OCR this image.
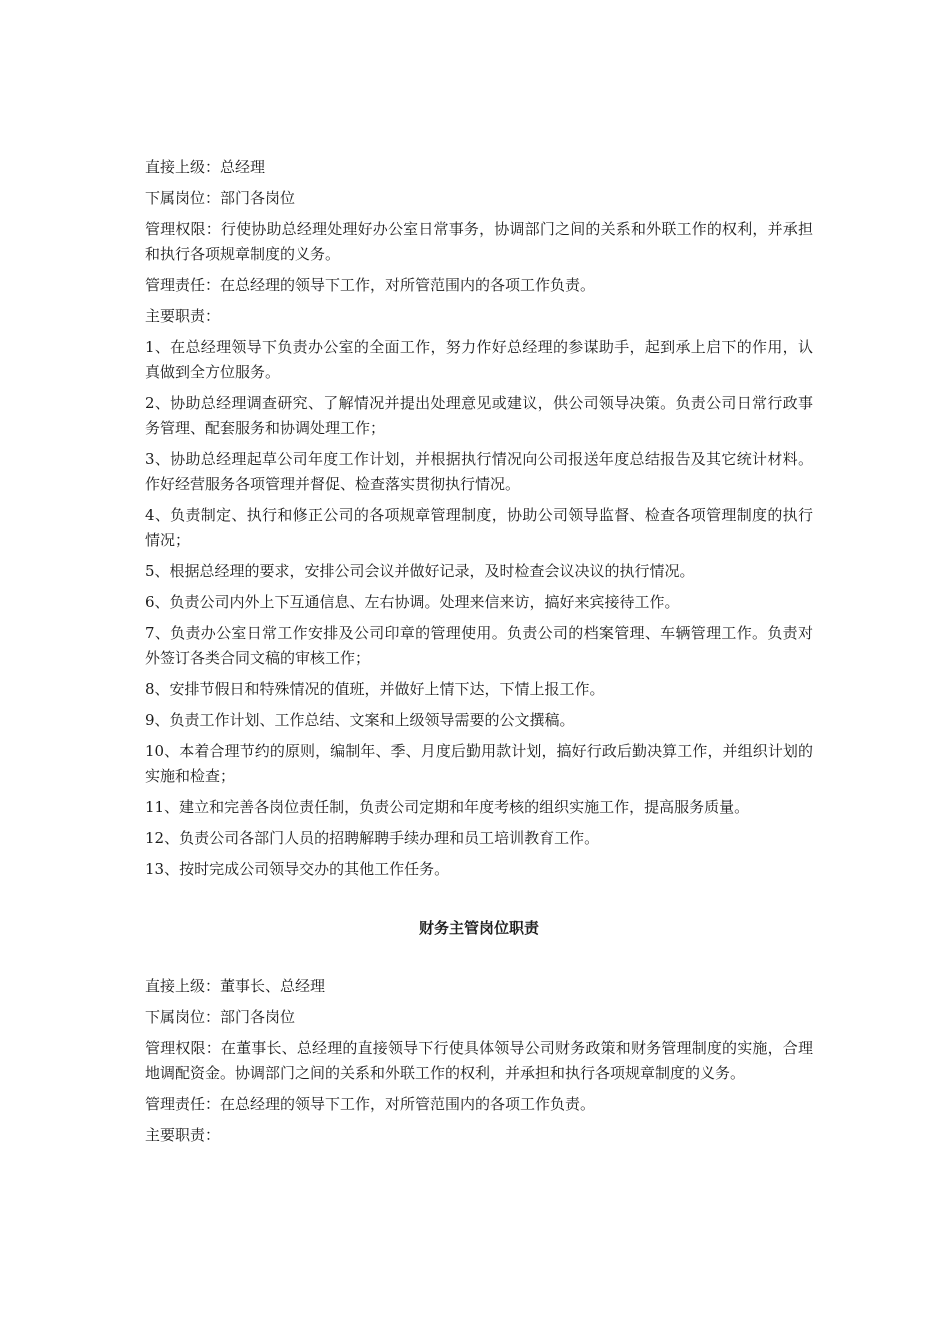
直接上级：总经理

下属岗位：部门各岗位

管理权限：行使协助总经理处理好办公室日常事务，协调部门之间的关系和外联工作的权利，并承担和执行各项规章制度的义务。

管理责任：在总经理的领导下工作，对所管范围内的各项工作负责。

主要职责：

1、在总经理领导下负责办公室的全面工作，努力作好总经理的参谋助手，起到承上启下的作用，认真做到全方位服务。

2、协助总经理调查研究、了解情况并提出处理意见或建议，供公司领导决策。负责公司日常行政事务管理、配套服务和协调处理工作；

3、协助总经理起草公司年度工作计划，并根据执行情况向公司报送年度总结报告及其它统计材料。作好经营服务各项管理并督促、检查落实贯彻执行情况。

4、负责制定、执行和修正公司的各项规章管理制度，协助公司领导监督、检查各项管理制度的执行情况；

5、根据总经理的要求，安排公司会议并做好记录，及时检查会议决议的执行情况。

6、负责公司内外上下互通信息、左右协调。处理来信来访，搞好来宾接待工作。

7、负责办公室日常工作安排及公司印章的管理使用。负责公司的档案管理、车辆管理工作。负责对外签订各类合同文稿的审核工作；

8、安排节假日和特殊情况的值班，并做好上情下达，下情上报工作。

9、负责工作计划、工作总结、文案和上级领导需要的公文撰稿。

10、本着合理节约的原则，编制年、季、月度后勤用款计划，搞好行政后勤决算工作，并组织计划的实施和检查；

11、建立和完善各岗位责任制，负责公司定期和年度考核的组织实施工作，提高服务质量。

12、负责公司各部门人员的招聘解聘手续办理和员工培训教育工作。

13、按时完成公司领导交办的其他工作任务。

财务主管岗位职责

直接上级：董事长、总经理

下属岗位：部门各岗位

管理权限：在董事长、总经理的直接领导下行使具体领导公司财务政策和财务管理制度的实施，合理地调配资金。协调部门之间的关系和外联工作的权利，并承担和执行各项规章制度的义务。

管理责任：在总经理的领导下工作，对所管范围内的各项工作负责。

主要职责：
